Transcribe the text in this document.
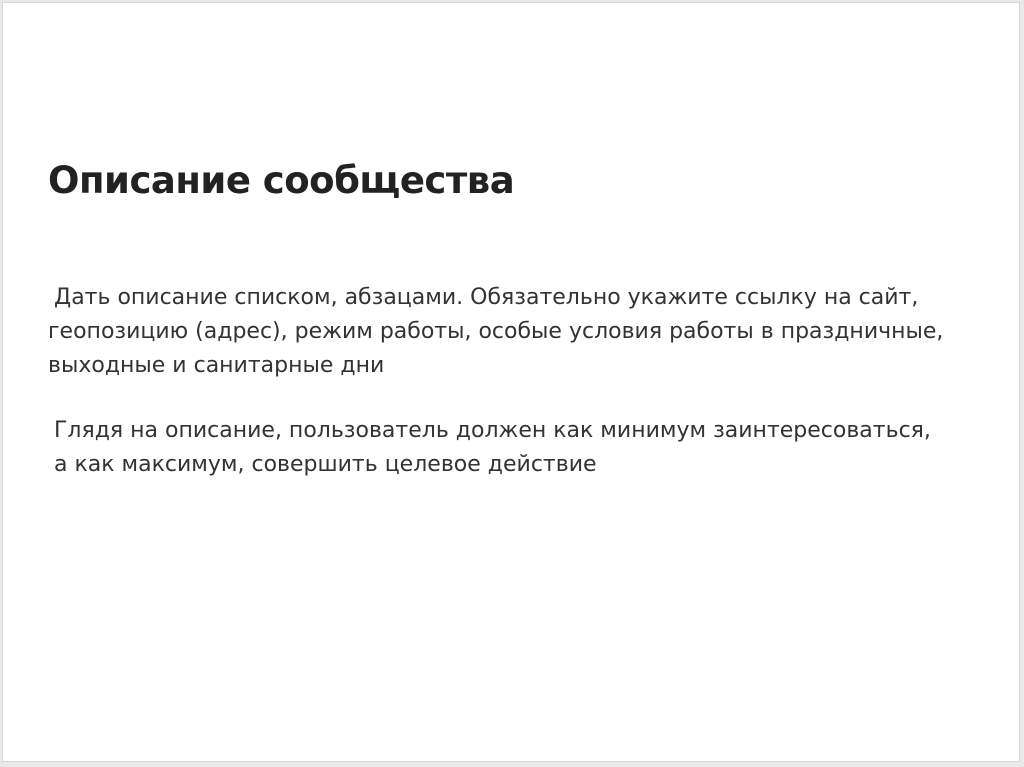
Описание сообщества

Дать описание списком, абзацами. Обязательно укажите ссылку на сайт,
геопозицию (адрес), режим работы, особые условия работы в праздничные,
выходные и санитарные дни

Глядя на описание, пользователь должен как минимум заинтересоваться,
а как максимум, совершить целевое действие
